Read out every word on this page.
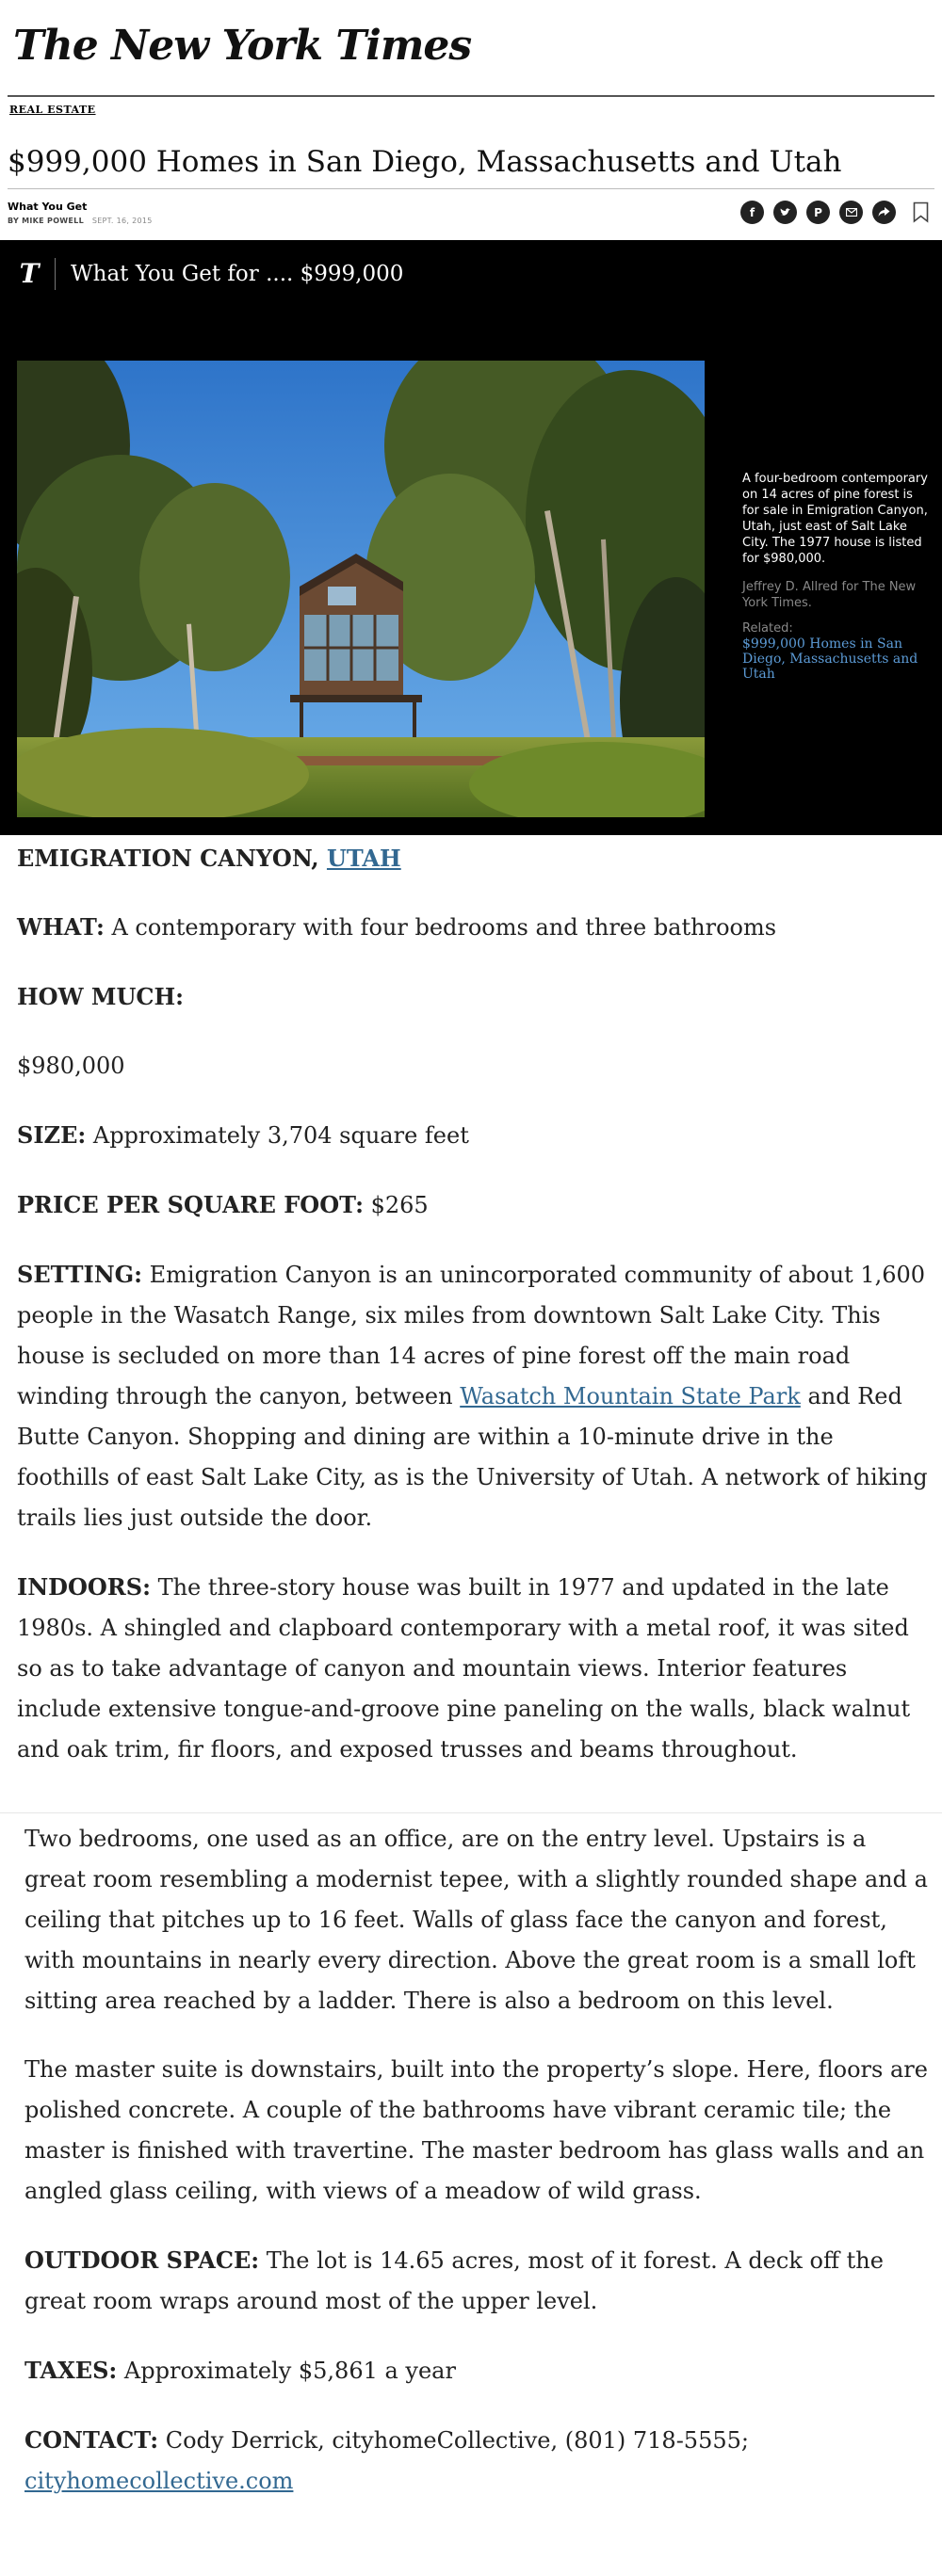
The New York Times
REAL ESTATE
$999,000 Homes in San Diego, Massachusetts and Utah
What You Get
BY MIKE POWELL SEPT. 16, 2015
f	P
T What You Get for .... $999,000
A four-bedroom contemporary on 14 acres of pine forest is for sale in Emigration Canyon, Utah, just east of Salt Lake City. The 1977 house is listed for $980,000.
Jeffrey D. Allred for The New York Times.
Related:
$999,000 Homes in San Diego, Massachusetts and Utah

EMIGRATION CANYON, UTAH

WHAT: A contemporary with four bedrooms and three bathrooms

HOW MUCH:

$980,000

SIZE: Approximately 3,704 square feet

PRICE PER SQUARE FOOT: $265

SETTING: Emigration Canyon is an unincorporated community of about 1,600 people in the Wasatch Range, six miles from downtown Salt Lake City. This house is secluded on more than 14 acres of pine forest off the main road winding through the canyon, between Wasatch Mountain State Park and Red Butte Canyon. Shopping and dining are within a 10-minute drive in the foothills of east Salt Lake City, as is the University of Utah. A network of hiking trails lies just outside the door.

INDOORS: The three-story house was built in 1977 and updated in the late 1980s. A shingled and clapboard contemporary with a metal roof, it was sited so as to take advantage of canyon and mountain views. Interior features include extensive tongue-and-groove pine paneling on the walls, black walnut and oak trim, fir floors, and exposed trusses and beams throughout.

Two bedrooms, one used as an office, are on the entry level. Upstairs is a great room resembling a modernist tepee, with a slightly rounded shape and a ceiling that pitches up to 16 feet. Walls of glass face the canyon and forest, with mountains in nearly every direction. Above the great room is a small loft sitting area reached by a ladder. There is also a bedroom on this level.

The master suite is downstairs, built into the property’s slope. Here, floors are polished concrete. A couple of the bathrooms have vibrant ceramic tile; the master is finished with travertine. The master bedroom has glass walls and an angled glass ceiling, with views of a meadow of wild grass.

OUTDOOR SPACE: The lot is 14.65 acres, most of it forest. A deck off the great room wraps around most of the upper level.

TAXES: Approximately $5,861 a year

CONTACT: Cody Derrick, cityhomeCollective, (801) 718-5555; cityhomecollective.com
